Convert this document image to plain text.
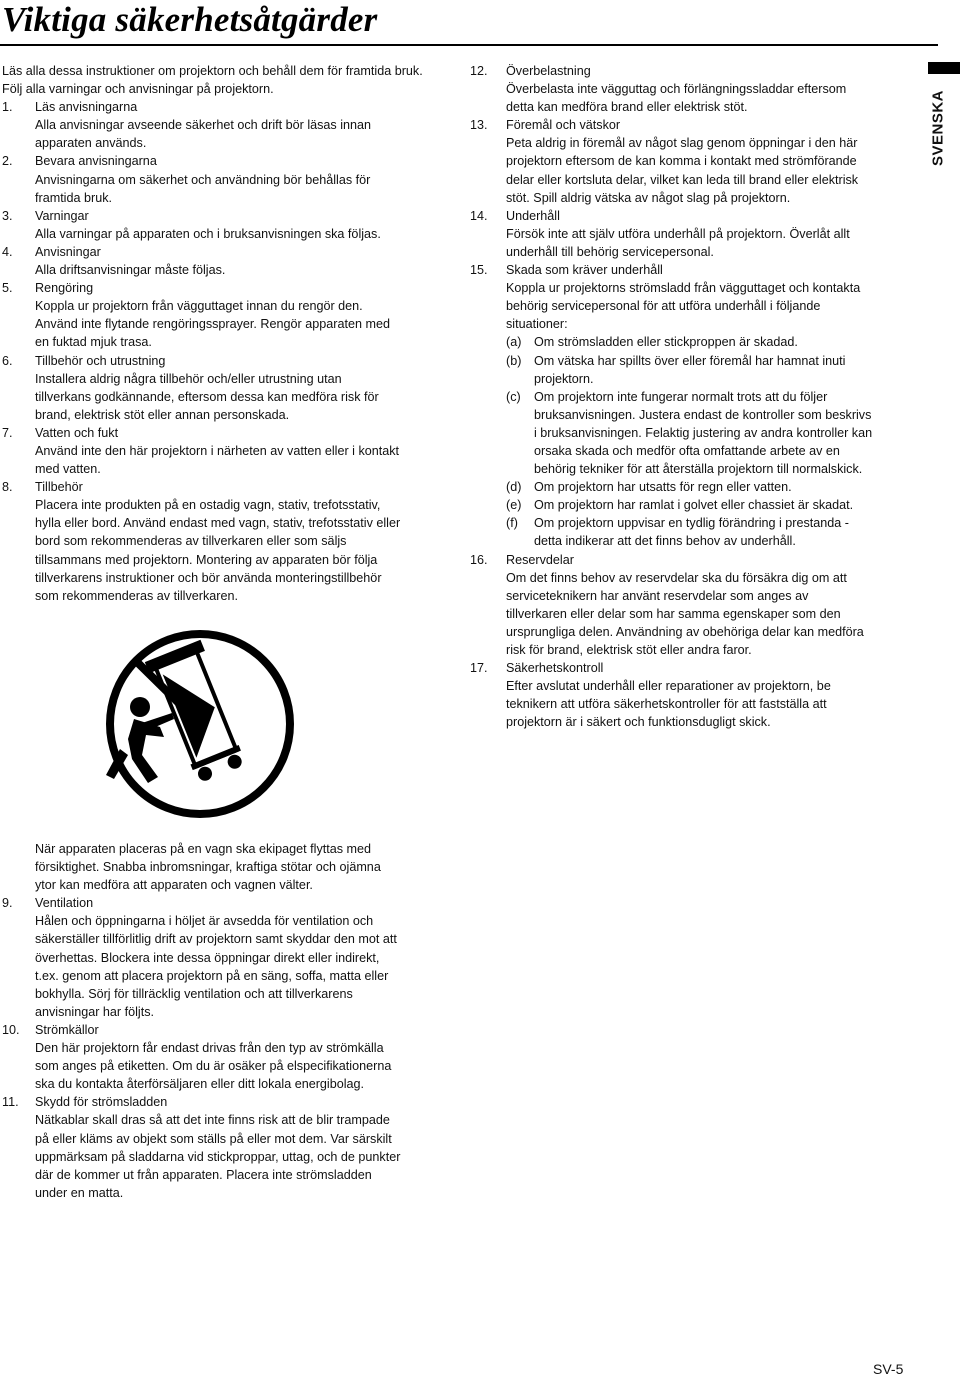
Viktiga säkerhetsåtgärder
SVENSKA

Läs alla dessa instruktioner om projektorn och behåll dem för framtida bruk. Följ alla varningar och anvisningar på projektorn.

1. Läs anvisningarna
Alla anvisningar avseende säkerhet och drift bör läsas innan
apparaten används.
2. Bevara anvisningarna
Anvisningarna om säkerhet och användning bör behållas för
framtida bruk.
3. Varningar
Alla varningar på apparaten och i bruksanvisningen ska följas.
4. Anvisningar
Alla driftsanvisningar måste följas.
5. Rengöring
Koppla ur projektorn från vägguttaget innan du rengör den.
Använd inte flytande rengöringssprayer. Rengör apparaten med
en fuktad mjuk trasa.
6. Tillbehör och utrustning
Installera aldrig några tillbehör och/eller utrustning utan
tillverkans godkännande, eftersom dessa kan medföra risk för
brand, elektrisk stöt eller annan personskada.
7. Vatten och fukt
Använd inte den här projektorn i närheten av vatten eller i kontakt
med vatten.
8. Tillbehör
Placera inte produkten på en ostadig vagn, stativ, trefotsstativ,
hylla eller bord. Använd endast med vagn, stativ, trefotsstativ eller
bord som rekommenderas av tillverkaren eller som säljs
tillsammans med projektorn. Montering av apparaten bör följa
tillverkarens instruktioner och bör använda monteringstillbehör
som rekommenderas av tillverkaren.
När apparaten placeras på en vagn ska ekipaget flyttas med
försiktighet. Snabba inbromsningar, kraftiga stötar och ojämna
ytor kan medföra att apparaten och vagnen välter.
9. Ventilation
Hålen och öppningarna i höljet är avsedda för ventilation och
säkerställer tillförlitlig drift av projektorn samt skyddar den mot att
överhettas. Blockera inte dessa öppningar direkt eller indirekt,
t.ex. genom att placera projektorn på en säng, soffa, matta eller
bokhylla. Sörj för tillräcklig ventilation och att tillverkarens
anvisningar har följts.
10. Strömkällor
Den här projektorn får endast drivas från den typ av strömkälla
som anges på etiketten. Om du är osäker på elspecifikationerna
ska du kontakta återförsäljaren eller ditt lokala energibolag.
11. Skydd för strömsladden
Nätkablar skall dras så att det inte finns risk att de blir trampade
på eller kläms av objekt som ställs på eller mot dem. Var särskilt
uppmärksam på sladdarna vid stickproppar, uttag, och de punkter
där de kommer ut från apparaten. Placera inte strömsladden
under en matta.
12. Överbelastning
Överbelasta inte vägguttag och förlängningssladdar eftersom
detta kan medföra brand eller elektrisk stöt.
13. Föremål och vätskor
Peta aldrig in föremål av något slag genom öppningar i den här
projektorn eftersom de kan komma i kontakt med strömförande
delar eller kortsluta delar, vilket kan leda till brand eller elektrisk
stöt. Spill aldrig vätska av något slag på projektorn.
14. Underhåll
Försök inte att själv utföra underhåll på projektorn. Överlåt allt
underhåll till behörig servicepersonal.
15. Skada som kräver underhåll
Koppla ur projektorns strömsladd från vägguttaget och kontakta
behörig servicepersonal för att utföra underhåll i följande
situationer:
(a) Om strömsladden eller stickproppen är skadad.
(b) Om vätska har spillts över eller föremål har hamnat inuti
projektorn.
(c) Om projektorn inte fungerar normalt trots att du följer
bruksanvisningen. Justera endast de kontroller som beskrivs
i bruksanvisningen. Felaktig justering av andra kontroller kan
orsaka skada och medför ofta omfattande arbete av en
behörig tekniker för att återställa projektorn till normalskick.
(d) Om projektorn har utsatts för regn eller vatten.
(e) Om projektorn har ramlat i golvet eller chassiet är skadat.
(f) Om projektorn uppvisar en tydlig förändring i prestanda -
detta indikerar att det finns behov av underhåll.
16. Reservdelar
Om det finns behov av reservdelar ska du försäkra dig om att
serviceteknikern har använt reservdelar som anges av
tillverkaren eller delar som har samma egenskaper som den
ursprungliga delen. Användning av obehöriga delar kan medföra
risk för brand, elektrisk stöt eller andra faror.
17. Säkerhetskontroll
Efter avslutat underhåll eller reparationer av projektorn, be
teknikern att utföra säkerhetskontroller för att fastställa att
projektorn är i säkert och funktionsdugligt skick.
SV-5
